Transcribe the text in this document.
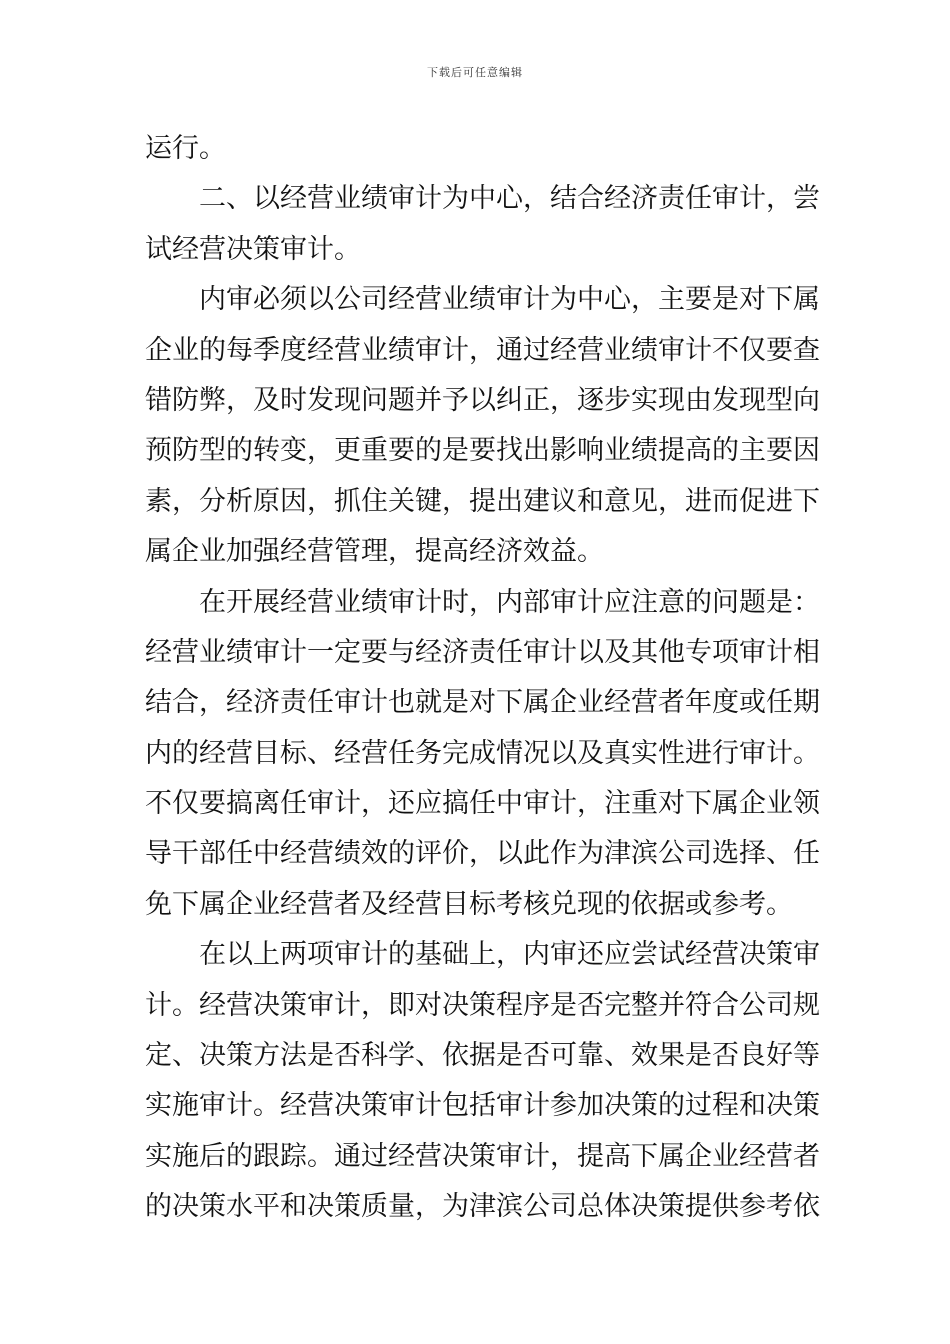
下载后可任意编辑
运行。
二、以经营业绩审计为中心，结合经济责任审计，尝
试经营决策审计。
内审必须以公司经营业绩审计为中心，主要是对下属
企业的每季度经营业绩审计，通过经营业绩审计不仅要查
错防弊，及时发现问题并予以纠正，逐步实现由发现型向
预防型的转变，更重要的是要找出影响业绩提高的主要因
素，分析原因，抓住关键，提出建议和意见，进而促进下
属企业加强经营管理，提高经济效益。
在开展经营业绩审计时，内部审计应注意的问题是：
经营业绩审计一定要与经济责任审计以及其他专项审计相
结合，经济责任审计也就是对下属企业经营者年度或任期
内的经营目标、经营任务完成情况以及真实性进行审计。
不仅要搞离任审计，还应搞任中审计，注重对下属企业领
导干部任中经营绩效的评价，以此作为津滨公司选择、任
免下属企业经营者及经营目标考核兑现的依据或参考。
在以上两项审计的基础上，内审还应尝试经营决策审
计。经营决策审计，即对决策程序是否完整并符合公司规
定、决策方法是否科学、依据是否可靠、效果是否良好等
实施审计。经营决策审计包括审计参加决策的过程和决策
实施后的跟踪。通过经营决策审计，提高下属企业经营者
的决策水平和决策质量，为津滨公司总体决策提供参考依
